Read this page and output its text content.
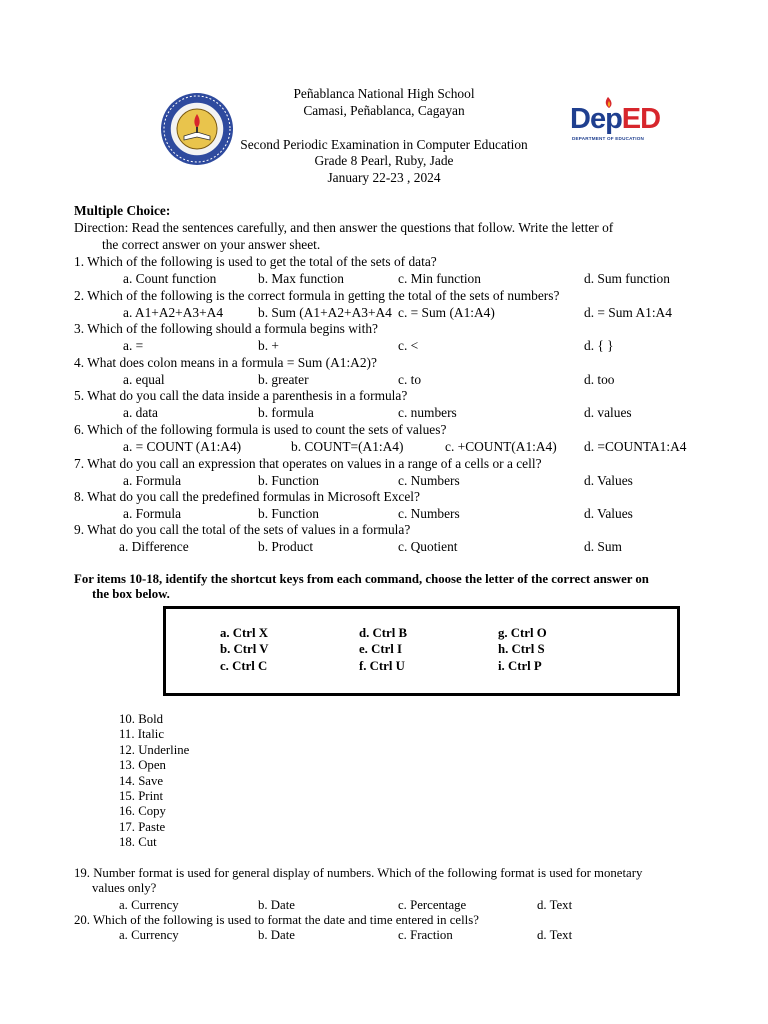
Peñablanca National High School
Camasi, Peñablanca, Cagayan
Second Periodic Examination in Computer Education
Grade 8 Pearl, Ruby, Jade
January 22-23 , 2024
DepED
DEPARTMENT OF EDUCATION
Multiple Choice:
Direction: Read the sentences carefully, and then answer the questions that follow. Write the letter of
the correct answer on your answer sheet.
1. Which of the following is used to get the total of the sets of data?
a. Count function	b. Max function	c. Min function	d. Sum function
2. Which of the following is the correct formula in getting the total of the sets of numbers?
a. A1+A2+A3+A4	b. Sum (A1+A2+A3+A4 c. = Sum (A1:A4)	d. = Sum A1:A4
3. Which of the following should a formula begins with?
a. =	b. +	c. <	d. { }
4. What does colon means in a formula = Sum (A1:A2)?
a. equal	b. greater	c. to	d. too
5. What do you call the data inside a parenthesis in a formula?
a. data	b. formula	c. numbers	d. values
6. Which of the following formula is used to count the sets of values?
a. = COUNT (A1:A4)	b. COUNT=(A1:A4)	c. +COUNT(A1:A4) d. =COUNTA1:A4
7. What do you call an expression that operates on values in a range of a cells or a cell?
a. Formula	b. Function	c. Numbers	d. Values
8. What do you call the predefined formulas in Microsoft Excel?
a. Formula	b. Function	c. Numbers	d. Values
9. What do you call the total of the sets of values in a formula?
a. Difference	b. Product	c. Quotient	d. Sum
For items 10-18, identify the shortcut keys from each command, choose the letter of the correct answer on
the box below.
a. Ctrl X	d. Ctrl B	g. Ctrl O
b. Ctrl V	e. Ctrl I	h. Ctrl S
c. Ctrl C	f. Ctrl U	i. Ctrl P
10. Bold
11. Italic
12. Underline
13. Open
14. Save
15. Print
16. Copy
17. Paste
18. Cut
19. Number format is used for general display of numbers. Which of the following format is used for monetary
values only?
a. Currency	b. Date	c. Percentage	d. Text
20. Which of the following is used to format the date and time entered in cells?
a. Currency	b. Date	c. Fraction	d. Text
